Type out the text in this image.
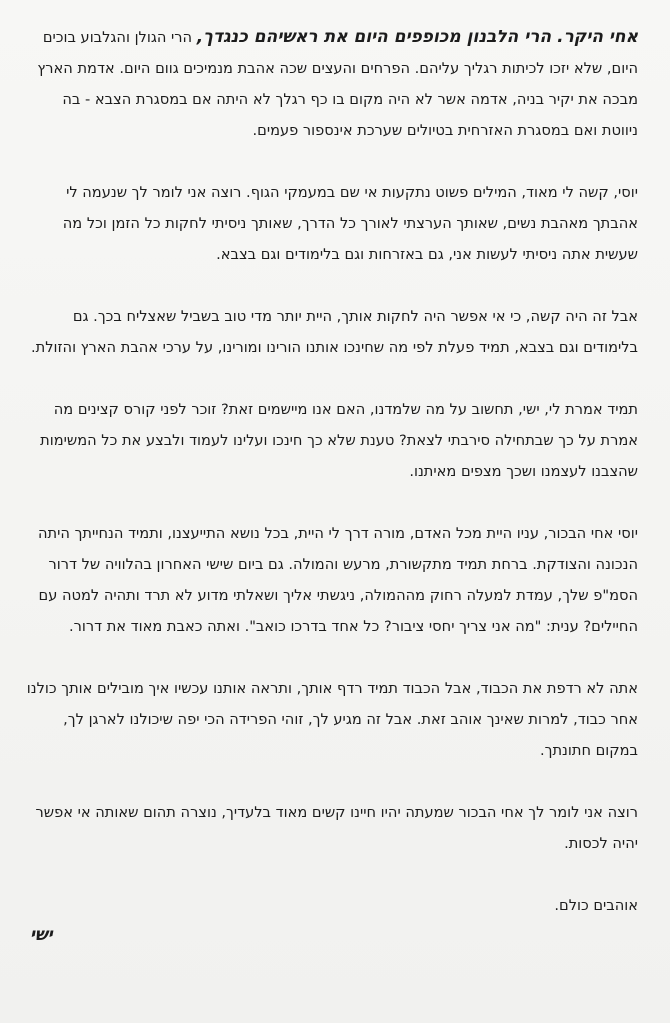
אחי היקר. הרי הלבנון מכופפים היום את ראשיהם כנגדך, הרי הגולן והגלבוע בוכים היום, שלא יזכו לכיתות רגליך עליהם. הפרחים והעצים שכה אהבת מנמיכים גוום היום. אדמת הארץ מבכה את יקיר בניה, אדמה אשר לא היה מקום בו כף רגלך לא היתה אם במסגרת הצבא - בה ניווטת ואם במסגרת האזרחית בטיולים שערכת אינספור פעמים.

יוסי, קשה לי מאוד, המילים פשוט נתקעות אי שם במעמקי הגוף. רוצה אני לומר לך שנעמה לי אהבתך מאהבת נשים, שאותך הערצתי לאורך כל הדרך, שאותך ניסיתי לחקות כל הזמן וכל מה שעשית אתה ניסיתי לעשות אני, גם באזרחות וגם בלימודים וגם בצבא.

אבל זה היה קשה, כי אי אפשר היה לחקות אותך, היית יותר מדי טוב בשביל שאצליח בכך. גם בלימודים וגם בצבא, תמיד פעלת לפי מה שחינכו אותנו הורינו ומורינו, על ערכי אהבת הארץ והזולת.

תמיד אמרת לי, ישי, תחשוב על מה שלמדנו, האם אנו מיישמים זאת? זוכר לפני קורס קצינים מה אמרת על כך שבתחילה סירבתי לצאת? טענת שלא כך חינכו ועלינו לעמוד ולבצע את כל המשימות שהצבנו לעצמנו ושכך מצפים מאיתנו.

יוסי אחי הבכור, עניו היית מכל האדם, מורה דרך לי היית, בכל נושא התייעצנו, ותמיד הנחייתך היתה הנכונה והצודקת. ברחת תמיד מתקשורת, מרעש והמולה. גם ביום שישי האחרון בהלוויה של דרור הסמ"פ שלך, עמדת למעלה רחוק מההמולה, ניגשתי אליך ושאלתי מדוע לא תרד ותהיה למטה עם החיילים? ענית: "מה אני צריך יחסי ציבור? כל אחד בדרכו כואב". ואתה כאבת מאוד את דרור.

אתה לא רדפת את הכבוד, אבל הכבוד תמיד רדף אותך, ותראה אותנו עכשיו איך מובילים אותך כולנו אחר כבוד, למרות שאינך אוהב זאת. אבל זה מגיע לך, זוהי הפרידה הכי יפה שיכולנו לארגן לך, במקום חתונתך.

רוצה אני לומר לך אחי הבכור שמעתה יהיו חיינו קשים מאוד בלעדיך, נוצרה תהום שאותה אי אפשר יהיה לכסות.

אוהבים כולם.

ישי
